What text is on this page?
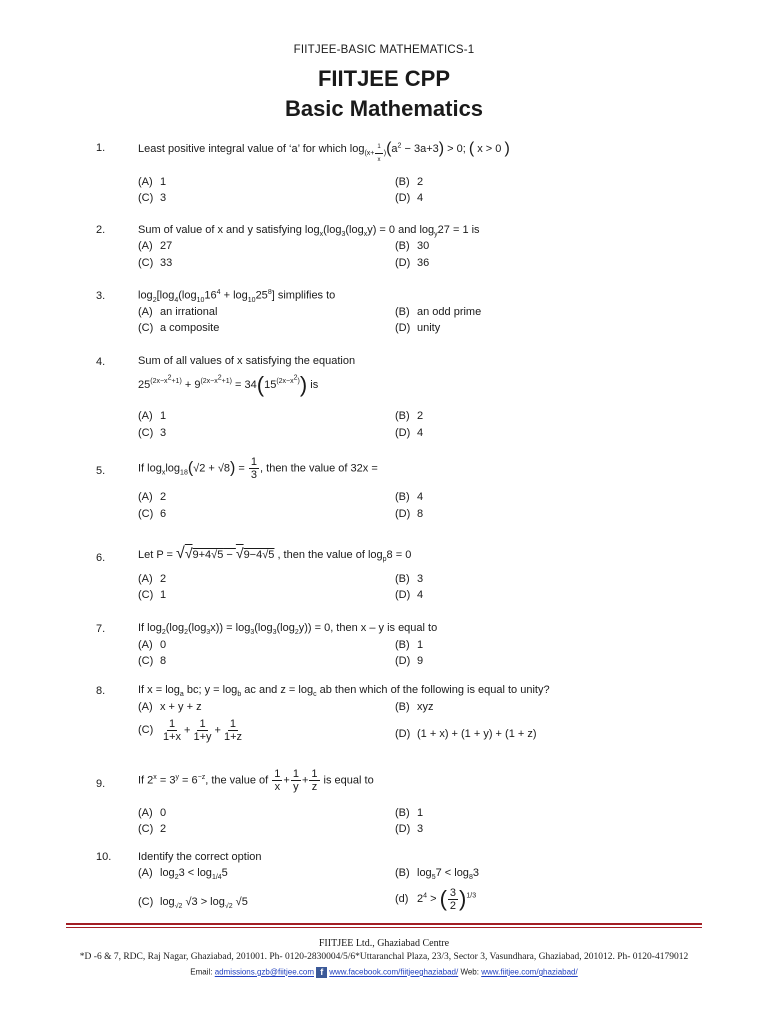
FIITJEE-BASIC MATHEMATICS-1
FIITJEE CPP
Basic Mathematics
1.	Least positive integral value of ‘a’ for which $\log_{(x+ \frac{1}{x} )}(a^2 - 3a+3) > 0$; ( x > 0 )
(A) 1	(B) 2
(C) 3	(D) 4
2.	Sum of value of x and y satisfying $\log_x(\log_3(\log_xy) = 0$ and $\log_y27 = 1$ is
(A) 27	(B) 30
(C) 33	(D) 36
3.	$\log_2[\log_4(\log_{10}16^4 + \log_{10}25^8]$ simplifies to
(A) an irrational	(B) an odd prime
(C) a composite	(D) unity
4.	Sum of all values of x satisfying the equation
$25^{(2x-x^2+1)} + 9^{(2x-x^2+1)} = 34(15^{(2x-x^2)})$ is
(A) 1	(B) 2
(C) 3	(D) 4
5.	If $\log_x\log_{18}(√2 + √8) = \frac{1}{3}$ , then the value of 32x =
(A) 2	(B) 4
(C) 6	(D) 8
6.	Let P = √√9+4√5 − √9−4√5 , then the value of $\log_p8 = 0$
(A) 2	(B) 3
(C) 1	(D) 4
7.	If $\log_2(\log_2(\log_3x)) = \log_3(\log_3(\log_2y)) = 0$, then x – y is equal to
(A) 0	(B) 1
(C) 8	(D) 9
8.	If $x = \log_a$ bc; $y = \log_b$ ac and $z = \log_c$ ab then which of the following is equal to unity?
(A) x + y + z	(B) xyz
$(C) \frac{1}{1+x} + \frac{1}{1+y} + \frac{1}{1+z}$	(D) (1 + x) + (1 + y) + (1 + z)
9.	If $2^x = 3^y = 6^{-z}$, the value of $\frac{1}{x} + \frac{1}{y} + \frac{1}{z}$ is equal to
(A) 0	(B) 1
(C) 2	(D) 3
10. Identify the correct option
(A) $\log_23 < \log_{1/4}5$	(B) $\log_57 < \log_83$
(C) $\log_{√2} √3 > \log_{√2} √5$	(d) $2^4$ > ( $\frac{3}{2} )^{1/3}$
FIITJEE Ltd., Ghaziabad Centre
*D -6 & 7, RDC, Raj Nagar, Ghaziabad, 201001. Ph- 0120-2830004/5/6*Uttaranchal Plaza, 23/3, Sector 3, Vasundhara, Ghaziabad, 201012. Ph- 0120-4179012
Email: admissions.gzb@fiitjee.com f www.facebook.com/fiitjeeghaziabad/ Web: www.fiitjee.com/ghaziabad/
